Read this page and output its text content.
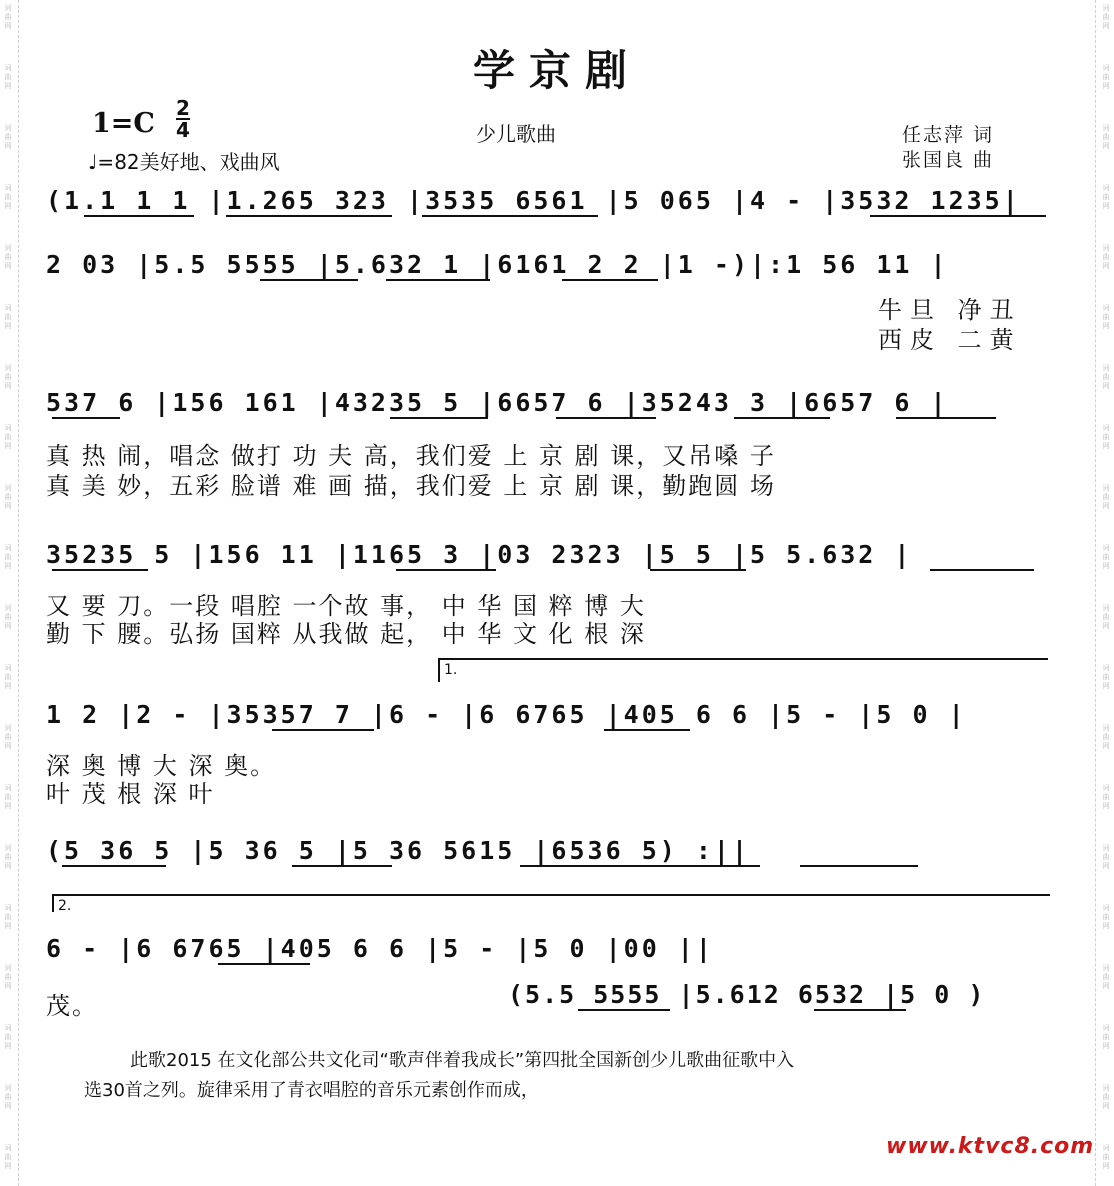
词
曲
网
词
曲
网
词
曲
网
词
曲
网
词
曲
网
词
曲
网
词
曲
网
词
曲
网
词
曲
网
词
曲
网
词
曲
网
词
曲
网
词
曲
网
词
曲
网
词
曲
网
词
曲
网
词
曲
网
词
曲
网
词
曲
网
词
曲
网
词
曲
网
词
曲
网
词
曲
网
词
曲
网
词
曲
网
词
曲
网
词
曲
网
词
曲
网
词
曲
网
词
曲
网
词
曲
网
词
曲
网
词
曲
网
词
曲
网
词
曲
网
词
曲
网
词
曲
网
词
曲
网
词
曲
网
词
曲
网
学京剧
1=C 2
4	少儿歌曲	任志萍 词
张国良 曲
♩=82美好地、戏曲风
(1.1 1 1 |1.265 323 |3535 6561 |5 065 |4 - |3532 1235|
2 03 |5.5 5555 |5.632 1 |6161 2 2 |1 -)|:1 56 11 |
牛旦 净丑
西皮 二黄
537 6 |156 161 |43235 5 |6657 6 |35243 3 |6657 6 |
真 热 闹，唱念 做打 功 夫 高，我们爱 上 京 剧 课，又吊嗓 子
真 美 妙，五彩 脸谱 难 画 描，我们爱 上 京 剧 课，勤跑圆 场
35235 5 |156 11 |1165 3 |03 2323 |5 5 |5 5.632 |
又 要 刀。一段 唱腔 一个故 事， 中 华 国 粹 博 大
勤 下 腰。弘扬 国粹 从我做 起， 中 华 文 化 根 深
1.
1 2 |2 - |35357 7 |6 - |6 6765 |405 6 6 |5 - |5 0 |
深 奥 博 大 深 奥。
叶 茂 根 深 叶
(5 36 5 |5 36 5 |5 36 5615 |6536 5) :||
2.
6 - |6 6765 |405 6 6 |5 - |5 0 |00 ||
(5.5 5555 |5.612 6532 |5 0 )
茂。
此歌2015 在文化部公共文化司“歌声伴着我成长”第四批全国新创少儿歌曲征歌中入
选30首之列。旋律采用了青衣唱腔的音乐元素创作而成，
www.ktvc8.com
